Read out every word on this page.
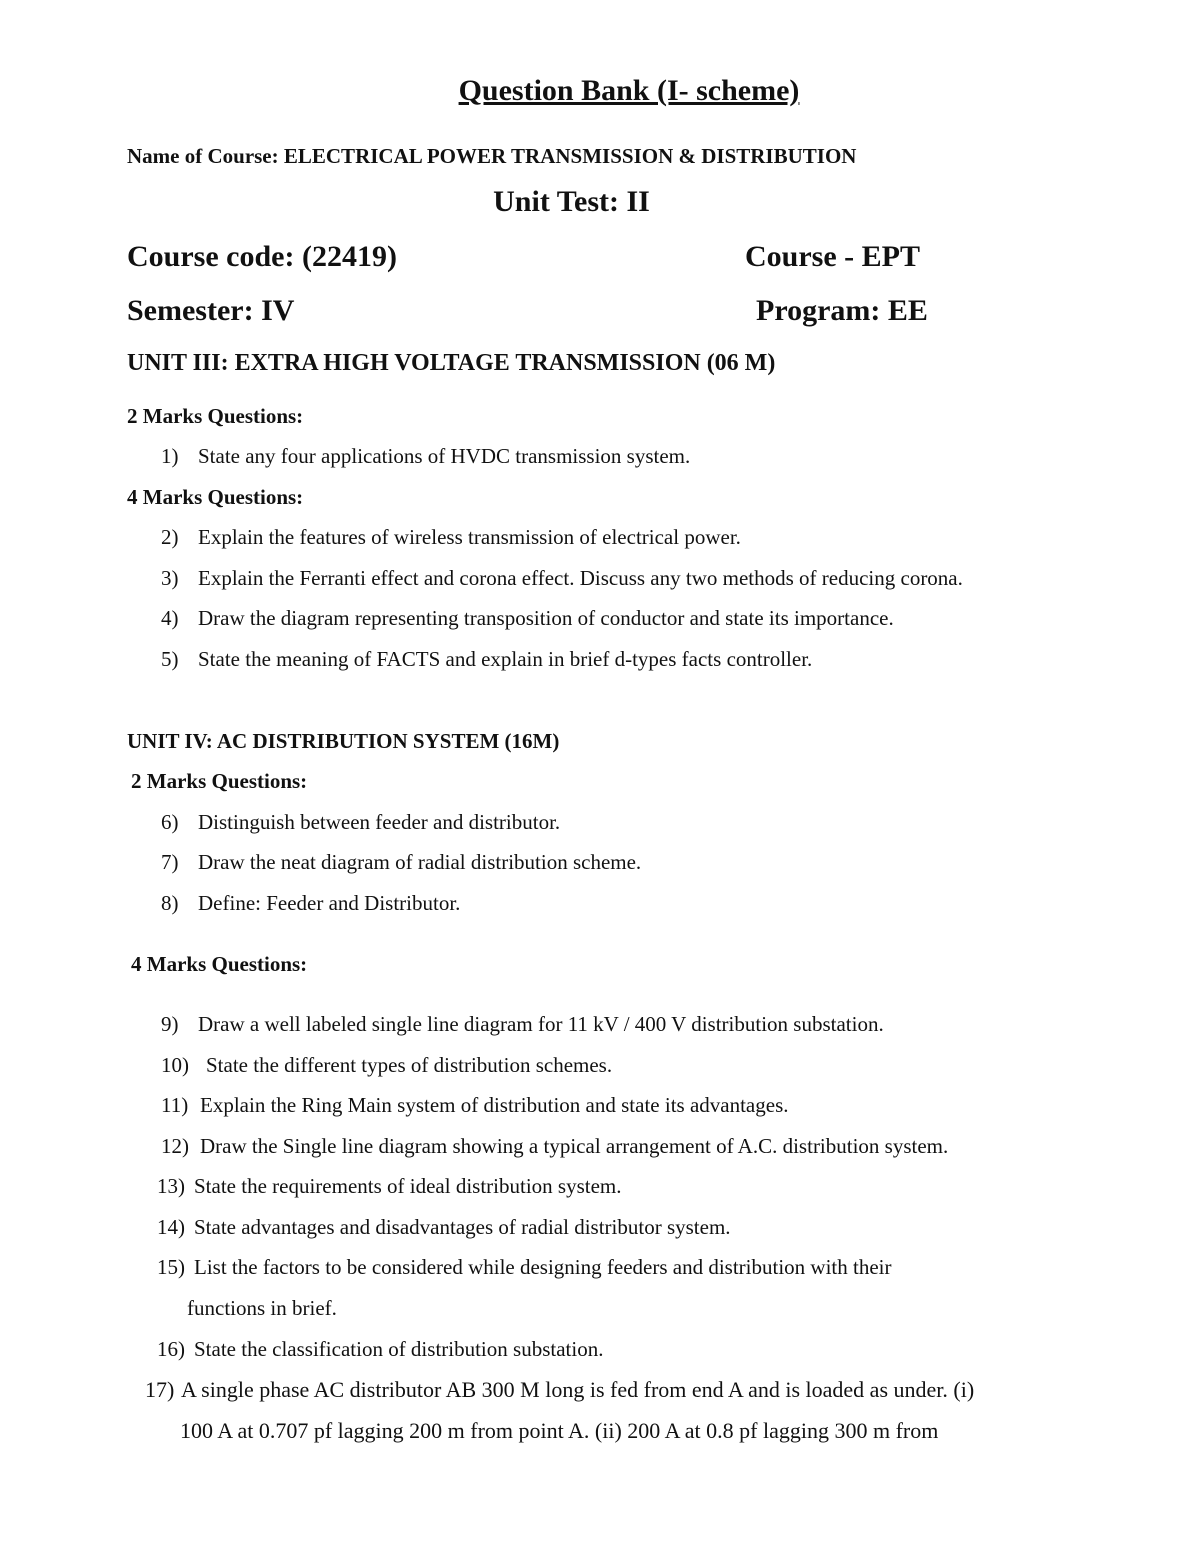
Question Bank (I- scheme)
Name of Course: ELECTRICAL POWER TRANSMISSION & DISTRIBUTION
Unit Test: II
Course code: (22419)	Course - EPT
Semester: IV	Program: EE
UNIT III: EXTRA HIGH VOLTAGE TRANSMISSION (06 M)
2 Marks Questions:
1) State any four applications of HVDC transmission system.
4 Marks Questions:
2) Explain the features of wireless transmission of electrical power.
3) Explain the Ferranti effect and corona effect. Discuss any two methods of reducing corona.
4) Draw the diagram representing transposition of conductor and state its importance.
5) State the meaning of FACTS and explain in brief d-types facts controller.
UNIT IV: AC DISTRIBUTION SYSTEM (16M)
2 Marks Questions:
6) Distinguish between feeder and distributor.
7) Draw the neat diagram of radial distribution scheme.
8) Define: Feeder and Distributor.
4 Marks Questions:
9) Draw a well labeled single line diagram for 11 kV / 400 V distribution substation.
10) State the different types of distribution schemes.
11) Explain the Ring Main system of distribution and state its advantages.
12) Draw the Single line diagram showing a typical arrangement of A.C. distribution system.
13) State the requirements of ideal distribution system.
14) State advantages and disadvantages of radial distributor system.
15) List the factors to be considered while designing feeders and distribution with their
functions in brief.
16) State the classification of distribution substation.
17) A single phase AC distributor AB 300 M long is fed from end A and is loaded as under. (i)
100 A at 0.707 pf lagging 200 m from point A. (ii) 200 A at 0.8 pf lagging 300 m from
